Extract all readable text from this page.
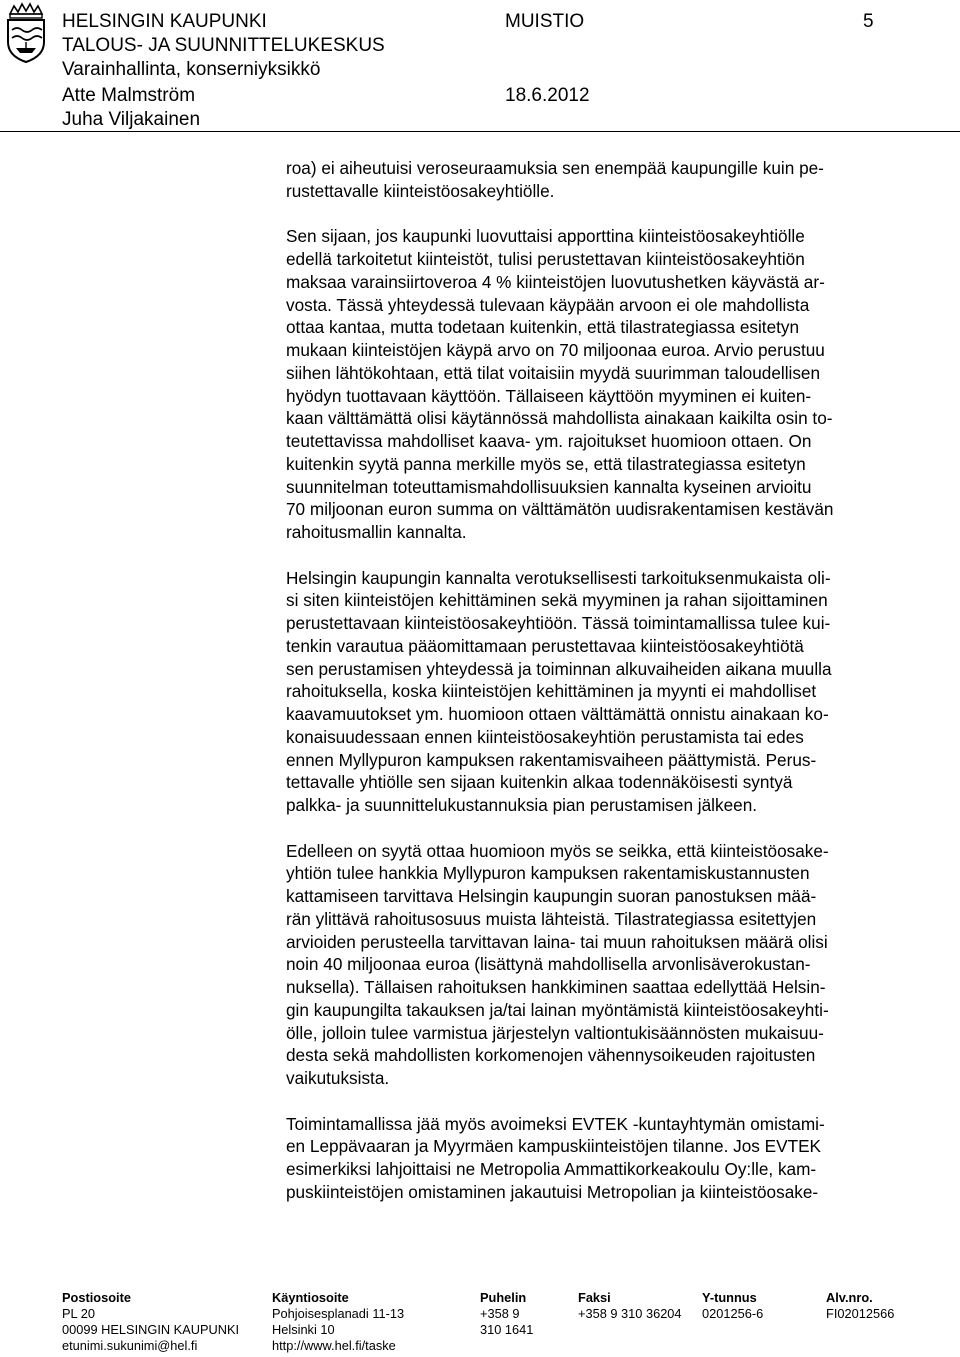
HELSINGIN KAUPUNKI
TALOUS- JA SUUNNITTELUKESKUS
Varainhallinta, konserniyksikkö
Atte Malmström
Juha Viljakainen
MUISTIO
18.6.2012
5

roa) ei aiheutuisi veroseuraamuksia sen enempää kaupungille kuin pe-
rustettavalle kiinteistöosakeyhtiölle.

Sen sijaan, jos kaupunki luovuttaisi apporttina kiinteistöosakeyhtiölle
edellä tarkoitetut kiinteistöt, tulisi perustettavan kiinteistöosakeyhtiön
maksaa varainsiirtoveroa 4 % kiinteistöjen luovutushetken käyvästä ar-
vosta. Tässä yhteydessä tulevaan käypään arvoon ei ole mahdollista
ottaa kantaa, mutta todetaan kuitenkin, että tilastrategiassa esitetyn
mukaan kiinteistöjen käypä arvo on 70 miljoonaa euroa. Arvio perustuu
siihen lähtökohtaan, että tilat voitaisiin myydä suurimman taloudellisen
hyödyn tuottavaan käyttöön. Tällaiseen käyttöön myyminen ei kuiten-
kaan välttämättä olisi käytännössä mahdollista ainakaan kaikilta osin to-
teutettavissa mahdolliset kaava- ym. rajoitukset huomioon ottaen. On
kuitenkin syytä panna merkille myös se, että tilastrategiassa esitetyn
suunnitelman toteuttamismahdollisuuksien kannalta kyseinen arvioitu
70 miljoonan euron summa on välttämätön uudisrakentamisen kestävän
rahoitusmallin kannalta.

Helsingin kaupungin kannalta verotuksellisesti tarkoituksenmukaista oli-
si siten kiinteistöjen kehittäminen sekä myyminen ja rahan sijoittaminen
perustettavaan kiinteistöosakeyhtiöön. Tässä toimintamallissa tulee kui-
tenkin varautua pääomittamaan perustettavaa kiinteistöosakeyhtiötä
sen perustamisen yhteydessä ja toiminnan alkuvaiheiden aikana muulla
rahoituksella, koska kiinteistöjen kehittäminen ja myynti ei mahdolliset
kaavamuutokset ym. huomioon ottaen välttämättä onnistu ainakaan ko-
konaisuudessaan ennen kiinteistöosakeyhtiön perustamista tai edes
ennen Myllypuron kampuksen rakentamisvaiheen päättymistä. Perus-
tettavalle yhtiölle sen sijaan kuitenkin alkaa todennäköisesti syntyä
palkka- ja suunnittelukustannuksia pian perustamisen jälkeen.

Edelleen on syytä ottaa huomioon myös se seikka, että kiinteistöosake-
yhtiön tulee hankkia Myllypuron kampuksen rakentamiskustannusten
kattamiseen tarvittava Helsingin kaupungin suoran panostuksen mää-
rän ylittävä rahoitusosuus muista lähteistä. Tilastrategiassa esitettyjen
arvioiden perusteella tarvittavan laina- tai muun rahoituksen määrä olisi
noin 40 miljoonaa euroa (lisättynä mahdollisella arvonlisäverokustan-
nuksella). Tällaisen rahoituksen hankkiminen saattaa edellyttää Helsin-
gin kaupungilta takauksen ja/tai lainan myöntämistä kiinteistöosakeyhti-
ölle, jolloin tulee varmistua järjestelyn valtiontukisäännösten mukaisuu-
desta sekä mahdollisten korkomenojen vähennysoikeuden rajoitusten
vaikutuksista.

Toimintamallissa jää myös avoimeksi EVTEK -kuntayhtymän omistami-
en Leppävaaran ja Myyrmäen kampuskiinteistöjen tilanne. Jos EVTEK
esimerkiksi lahjoittaisi ne Metropolia Ammattikorkeakoulu Oy:lle, kam-
puskiinteistöjen omistaminen jakautuisi Metropolian ja kiinteistöosake-

Postiosoite
PL 20
00099 HELSINGIN KAUPUNKI
etunimi.sukunimi@hel.fi
Käyntiosoite
Pohjoisesplanadi 11-13
Helsinki 10
http://www.hel.fi/taske
Puhelin
+358 9
310 1641
Faksi
+358 9 310 36204
Y-tunnus
0201256-6
Alv.nro.
FI02012566
